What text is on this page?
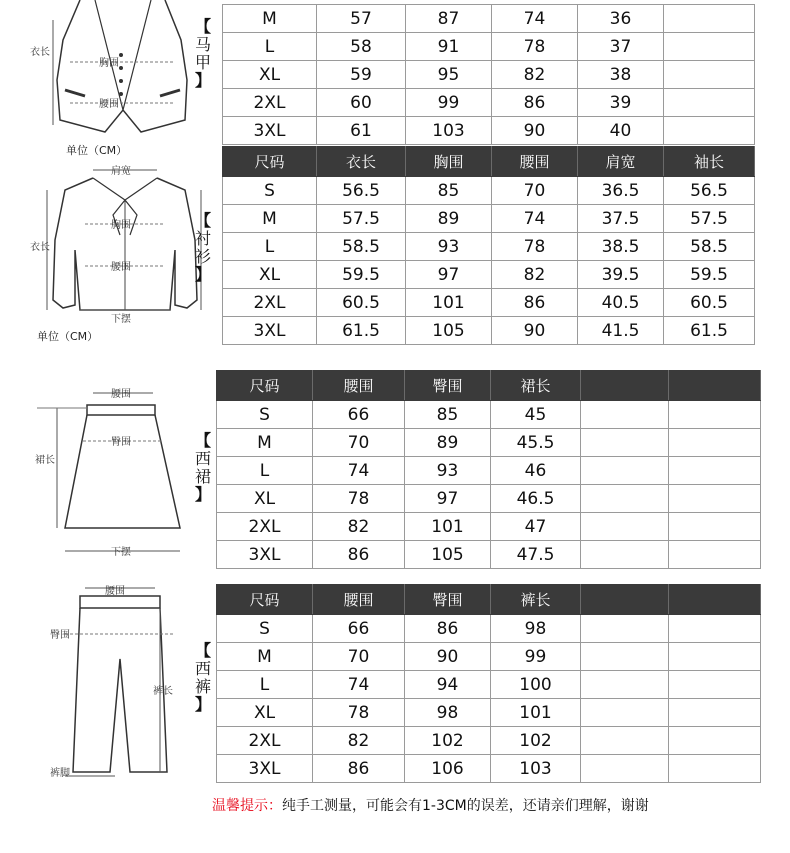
衣长
胸围
腰围
单位（CM）
【
马
甲
】
M	57	87	74	36	
L	58	91	78	37	
XL	59	95	82	38	
2XL	60	99	86	39	
3XL	61	103	90	40	
肩宽
胸围
衣长
腰围
下摆
单位（CM）
【
衬
衫
】
尺码	衣长	胸围	腰围	肩宽	袖长
S	56.5	85	70	36.5	56.5
M	57.5	89	74	37.5	57.5
L	58.5	93	78	38.5	58.5
XL	59.5	97	82	39.5	59.5
2XL	60.5	101	86	40.5	60.5
3XL	61.5	105	90	41.5	61.5
腰围
臀围
裙长
下摆
【
西
裙
】
尺码	腰围	臀围	裙长		
S	66	85	45		
M	70	89	45.5		
L	74	93	46		
XL	78	97	46.5		
2XL	82	101	47		
3XL	86	105	47.5		
腰围
臀围
裤长
裤脚
【
西
裤
】
尺码	腰围	臀围	裤长		
S	66	86	98		
M	70	90	99		
L	74	94	100		
XL	78	98	101		
2XL	82	102	102		
3XL	86	106	103		
温馨提示：纯手工测量，可能会有1-3CM的误差，还请亲们理解，谢谢
